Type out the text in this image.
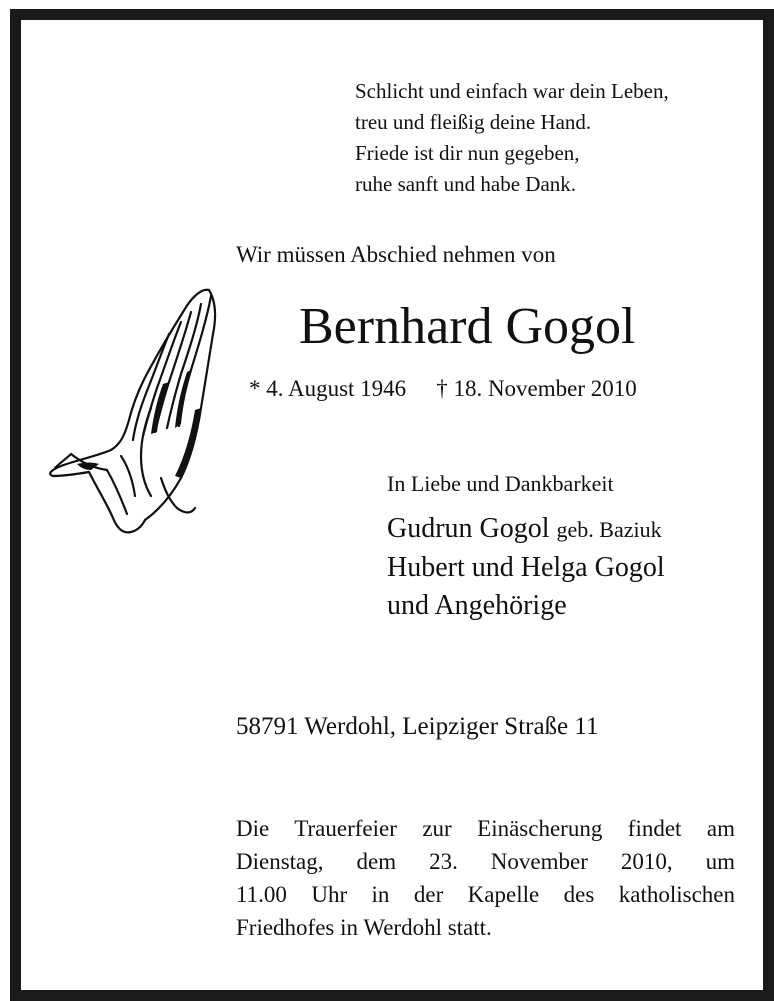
Schlicht und einfach war dein Leben,
treu und fleißig deine Hand.
Friede ist dir nun gegeben,
ruhe sanft und habe Dank.
Wir müssen Abschied nehmen von
Bernhard Gogol
* 4. August 1946 † 18. November 2010
In Liebe und Dankbarkeit
Gudrun Gogol geb. Baziuk
Hubert und Helga Gogol
und Angehörige
58791 Werdohl, Leipziger Straße 11
Die Trauerfeier zur Einäscherung findet am
Dienstag, dem 23. November 2010, um
11.00 Uhr in der Kapelle des katholischen
Friedhofes in Werdohl statt.
